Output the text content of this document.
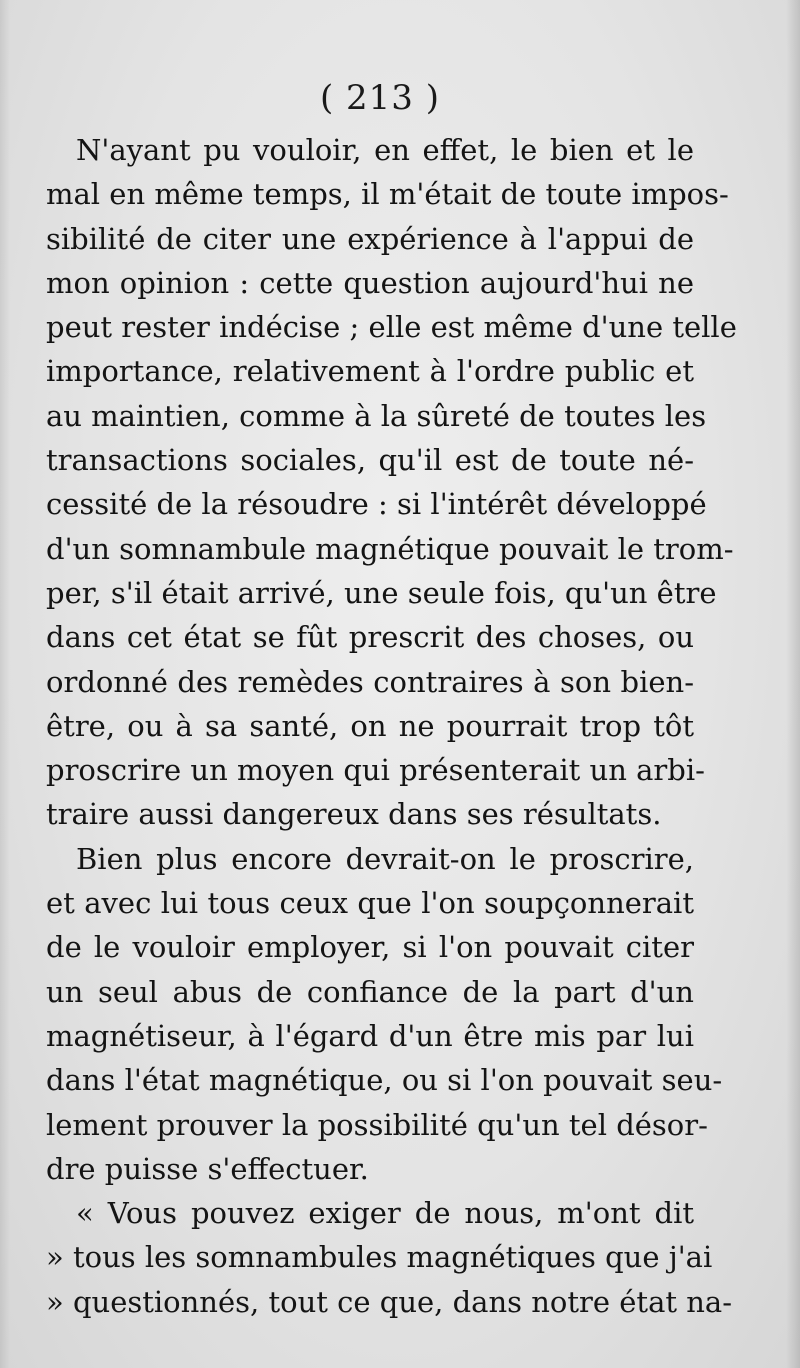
( 213 )
N'ayant pu vouloir, en effet, le bien et le
mal en même temps, il m'était de toute impos-
sibilité de citer une expérience à l'appui de
mon opinion : cette question aujourd'hui ne
peut rester indécise ; elle est même d'une telle
importance, relativement à l'ordre public et
au maintien, comme à la sûreté de toutes les
transactions sociales, qu'il est de toute né-
cessité de la résoudre : si l'intérêt développé
d'un somnambule magnétique pouvait le trom-
per, s'il était arrivé, une seule fois, qu'un être
dans cet état se fût prescrit des choses, ou
ordonné des remèdes contraires à son bien-
être, ou à sa santé, on ne pourrait trop tôt
proscrire un moyen qui présenterait un arbi-
traire aussi dangereux dans ses résultats.
Bien plus encore devrait-on le proscrire,
et avec lui tous ceux que l'on soupçonnerait
de le vouloir employer, si l'on pouvait citer
un seul abus de confiance de la part d'un
magnétiseur, à l'égard d'un être mis par lui
dans l'état magnétique, ou si l'on pouvait seu-
lement prouver la possibilité qu'un tel désor-
dre puisse s'effectuer.
« Vous pouvez exiger de nous, m'ont dit
» tous les somnambules magnétiques que j'ai
» questionnés, tout ce que, dans notre état na-
